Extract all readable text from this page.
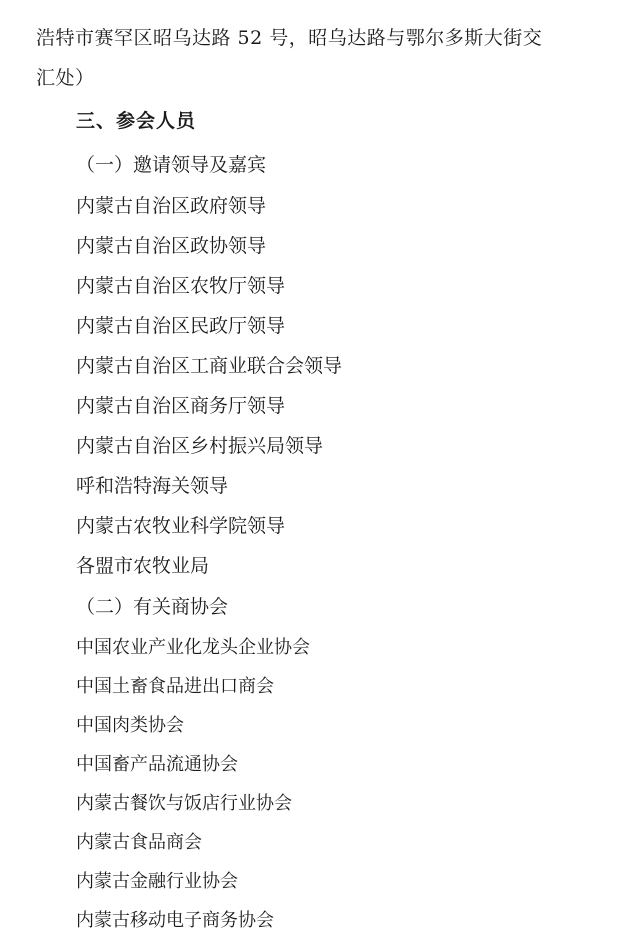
浩特市赛罕区昭乌达路 52 号，昭乌达路与鄂尔多斯大街交
汇处）
三、参会人员
（一）邀请领导及嘉宾
内蒙古自治区政府领导
内蒙古自治区政协领导
内蒙古自治区农牧厅领导
内蒙古自治区民政厅领导
内蒙古自治区工商业联合会领导
内蒙古自治区商务厅领导
内蒙古自治区乡村振兴局领导
呼和浩特海关领导
内蒙古农牧业科学院领导
各盟市农牧业局
（二）有关商协会
中国农业产业化龙头企业协会
中国土畜食品进出口商会
中国肉类协会
中国畜产品流通协会
内蒙古餐饮与饭店行业协会
内蒙古食品商会
内蒙古金融行业协会
内蒙古移动电子商务协会
